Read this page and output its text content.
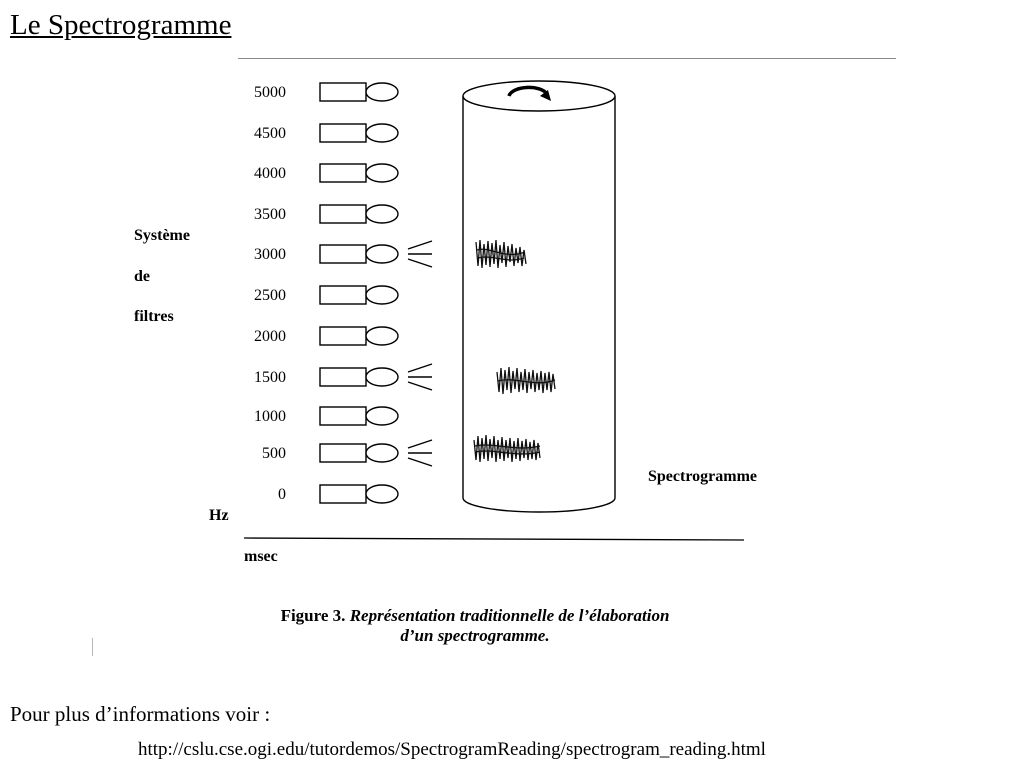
Le Spectrogramme
5000
4500
4000
3500
3000
2500
2000
1500
1000
500
0
Système
de
filtres
Hz
msec
Spectrogramme
Figure 3. Représentation traditionnelle de l’élaboration
d’un spectrogramme.
Pour plus d’informations voir :
http://cslu.cse.ogi.edu/tutordemos/SpectrogramReading/spectrogram_reading.html
